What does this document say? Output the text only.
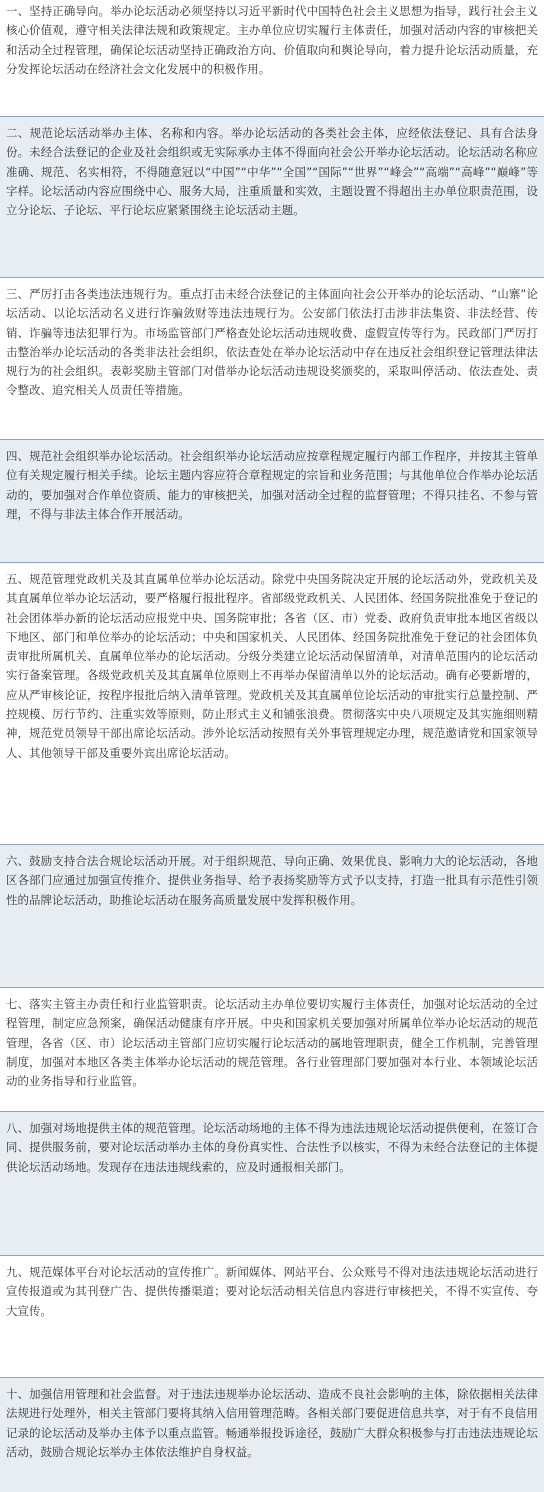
一、坚持正确导向。举办论坛活动必须坚持以习近平新时代中国特色社会主义思想为指导，践行社会主义核心价值观，遵守相关法律法规和政策规定。主办单位应切实履行主体责任，加强对活动内容的审核把关和活动全过程管理，确保论坛活动坚持正确政治方向、价值取向和舆论导向，着力提升论坛活动质量，充分发挥论坛活动在经济社会文化发展中的积极作用。

二、规范论坛活动举办主体、名称和内容。举办论坛活动的各类社会主体，应经依法登记、具有合法身份。未经合法登记的企业及社会组织或无实际承办主体不得面向社会公开举办论坛活动。论坛活动名称应准确、规范、名实相符，不得随意冠以“中国”“中华”“全国”“国际”“世界”“峰会”“高端”“高峰”“巅峰”等字样。论坛活动内容应围绕中心、服务大局，注重质量和实效，主题设置不得超出主办单位职责范围，设立分论坛、子论坛、平行论坛应紧紧围绕主论坛活动主题。

三、严厉打击各类违法违规行为。重点打击未经合法登记的主体面向社会公开举办的论坛活动、“山寨”论坛活动、以论坛活动名义进行诈骗敛财等违法违规行为。公安部门依法打击涉非法集资、非法经营、传销、诈骗等违法犯罪行为。市场监管部门严格查处论坛活动违规收费、虚假宣传等行为。民政部门严厉打击整治举办论坛活动的各类非法社会组织，依法查处在举办论坛活动中存在违反社会组织登记管理法律法规行为的社会组织。表彰奖励主管部门对借举办论坛活动违规设奖颁奖的，采取叫停活动、依法查处、责令整改、追究相关人员责任等措施。

四、规范社会组织举办论坛活动。社会组织举办论坛活动应按章程规定履行内部工作程序，并按其主管单位有关规定履行相关手续。论坛主题内容应符合章程规定的宗旨和业务范围；与其他单位合作举办论坛活动的，要加强对合作单位资质、能力的审核把关，加强对活动全过程的监督管理；不得只挂名、不参与管理，不得与非法主体合作开展活动。

五、规范管理党政机关及其直属单位举办论坛活动。除党中央国务院决定开展的论坛活动外，党政机关及其直属单位举办论坛活动，要严格履行报批程序。省部级党政机关、人民团体、经国务院批准免于登记的社会团体举办新的论坛活动应报党中央、国务院审批；各省（区、市）党委、政府负责审批本地区省级以下地区、部门和单位举办的论坛活动；中央和国家机关、人民团体、经国务院批准免于登记的社会团体负责审批所属机关、直属单位举办的论坛活动。分级分类建立论坛活动保留清单，对清单范围内的论坛活动实行备案管理。各级党政机关及其直属单位原则上不再举办保留清单以外的论坛活动。确有必要新增的，应从严审核论证，按程序报批后纳入清单管理。党政机关及其直属单位论坛活动的审批实行总量控制、严控规模、厉行节约、注重实效等原则，防止形式主义和铺张浪费。贯彻落实中央八项规定及其实施细则精神，规范党员领导干部出席论坛活动。涉外论坛活动按照有关外事管理规定办理，规范邀请党和国家领导人、其他领导干部及重要外宾出席论坛活动。

六、鼓励支持合法合规论坛活动开展。对于组织规范、导向正确、效果优良、影响力大的论坛活动，各地区各部门应通过加强宣传推介、提供业务指导、给予表扬奖励等方式予以支持，打造一批具有示范性引领性的品牌论坛活动，助推论坛活动在服务高质量发展中发挥积极作用。

七、落实主管主办责任和行业监管职责。论坛活动主办单位要切实履行主体责任，加强对论坛活动的全过程管理，制定应急预案，确保活动健康有序开展。中央和国家机关要加强对所属单位举办论坛活动的规范管理，各省（区、市）论坛活动主管部门应切实履行论坛活动的属地管理职责，健全工作机制，完善管理制度，加强对本地区各类主体举办论坛活动的规范管理。各行业管理部门要加强对本行业、本领域论坛活动的业务指导和行业监管。

八、加强对场地提供主体的规范管理。论坛活动场地的主体不得为违法违规论坛活动提供便利，在签订合同、提供服务前，要对论坛活动举办主体的身份真实性、合法性予以核实，不得为未经合法登记的主体提供论坛活动场地。发现存在违法违规线索的，应及时通报相关部门。

九、规范媒体平台对论坛活动的宣传推广。新闻媒体、网站平台、公众账号不得对违法违规论坛活动进行宣传报道或为其刊登广告、提供传播渠道；要对论坛活动相关信息内容进行审核把关，不得不实宣传、夸大宣传。

十、加强信用管理和社会监督。对于违法违规举办论坛活动、造成不良社会影响的主体，除依据相关法律法规进行处理外，相关主管部门要将其纳入信用管理范畴。各相关部门要促进信息共享，对于有不良信用记录的论坛活动及举办主体予以重点监管。畅通举报投诉途径，鼓励广大群众积极参与打击违法违规论坛活动，鼓励合规论坛举办主体依法维护自身权益。
